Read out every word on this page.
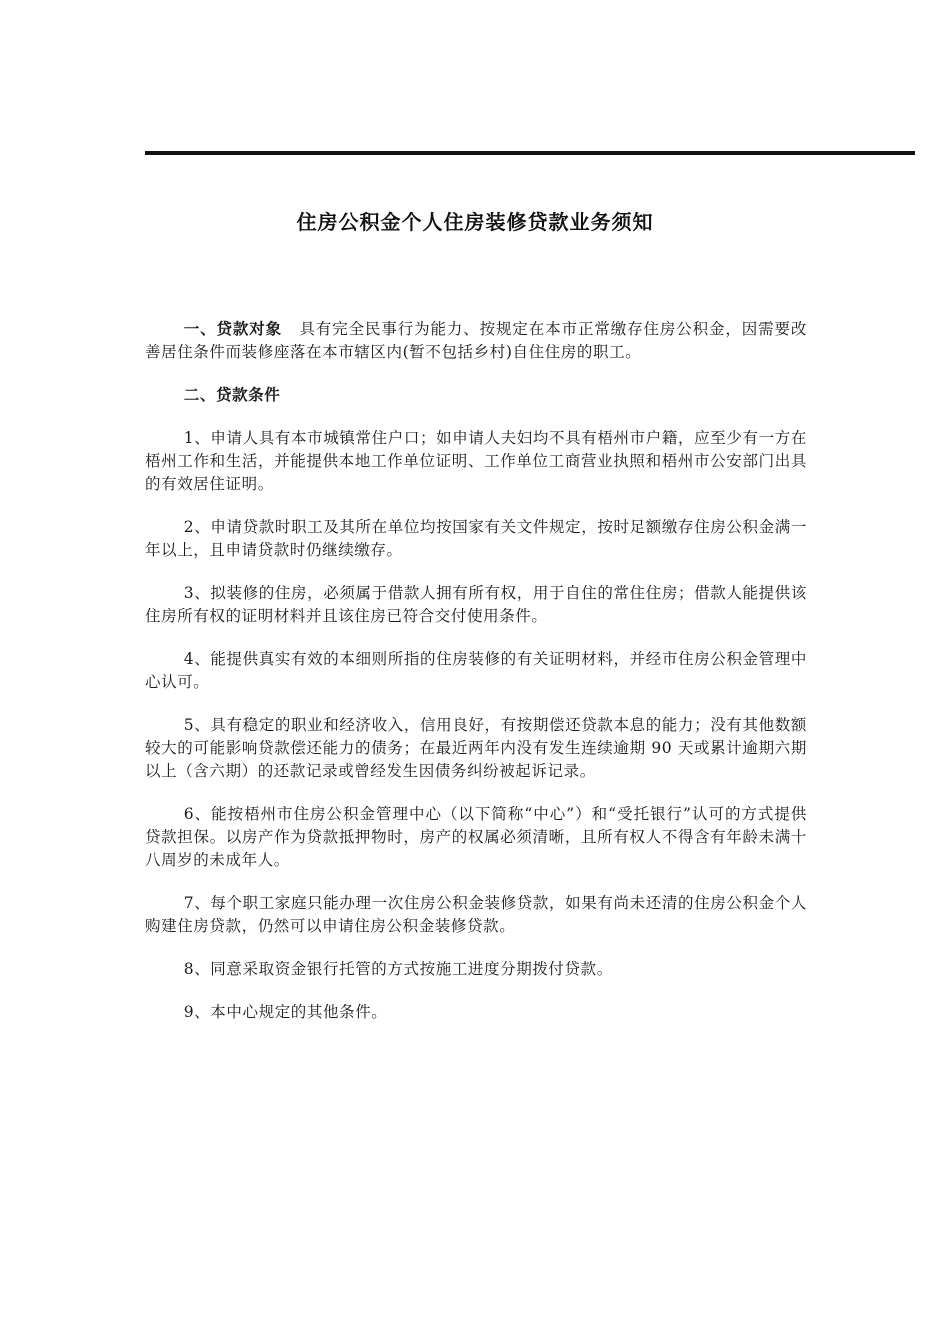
住房公积金个人住房装修贷款业务须知

一、贷款对象 具有完全民事行为能力、按规定在本市正常缴存住房公积金，因需要改善居住条件而装修座落在本市辖区内(暂不包括乡村)自住住房的职工。

二、贷款条件

1、申请人具有本市城镇常住户口；如申请人夫妇均不具有梧州市户籍，应至少有一方在梧州工作和生活，并能提供本地工作单位证明、工作单位工商营业执照和梧州市公安部门出具的有效居住证明。

2、申请贷款时职工及其所在单位均按国家有关文件规定，按时足额缴存住房公积金满一年以上，且申请贷款时仍继续缴存。

3、拟装修的住房，必须属于借款人拥有所有权，用于自住的常住住房；借款人能提供该住房所有权的证明材料并且该住房已符合交付使用条件。

4、能提供真实有效的本细则所指的住房装修的有关证明材料，并经市住房公积金管理中心认可。

5、具有稳定的职业和经济收入，信用良好，有按期偿还贷款本息的能力；没有其他数额较大的可能影响贷款偿还能力的债务；在最近两年内没有发生连续逾期 90 天或累计逾期六期以上（含六期）的还款记录或曾经发生因债务纠纷被起诉记录。

6、能按梧州市住房公积金管理中心（以下简称“中心”）和“受托银行”认可的方式提供贷款担保。以房产作为贷款抵押物时，房产的权属必须清晰，且所有权人不得含有年龄未满十八周岁的未成年人。

7、每个职工家庭只能办理一次住房公积金装修贷款，如果有尚未还清的住房公积金个人购建住房贷款，仍然可以申请住房公积金装修贷款。

8、同意采取资金银行托管的方式按施工进度分期拨付贷款。

9、本中心规定的其他条件。
